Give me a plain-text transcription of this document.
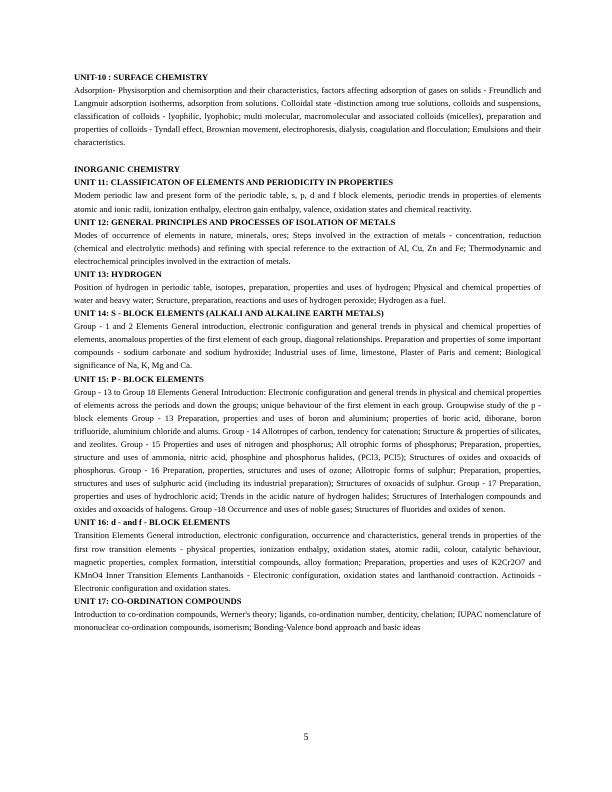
UNIT-10 : SURFACE CHEMISTRY

Adsorption- Physisorption and chemisorption and their characteristics, factors affecting adsorption of gases on solids - Freundlich and Langmuir adsorption isotherms, adsorption from solutions. Colloidal state -distinction among true solutions, colloids and suspensions, classification of colloids - lyophilic, lyophobic; multi molecular, macromolecular and associated colloids (micelles), preparation and properties of colloids - Tyndall effect, Brownian movement, electrophoresis, dialysis, coagulation and flocculation; Emulsions and their characteristics.

INORGANIC CHEMISTRY

UNIT 11: CLASSIFICATON OF ELEMENTS AND PERIODICITY IN PROPERTIES

Modem periodic law and present form of the periodic table, s, p, d and f block elements, periodic trends in properties of elements atomic and ionic radii, ionization enthalpy, electron gain enthalpy, valence, oxidation states and chemical reactivity.

UNIT 12: GENERAL PRINCIPLES AND PROCESSES OF ISOLATION OF METALS

Modes of occurrence of elements in nature, minerals, ores; Steps involved in the extraction of metals - concentration, reduction (chemical and electrolytic methods) and refining with special reference to the extraction of Al, Cu, Zn and Fe; Thermodynamic and electrochemical principles involved in the extraction of metals.

UNIT 13: HYDROGEN

Position of hydrogen in periodic table, isotopes, preparation, properties and uses of hydrogen; Physical and chemical properties of water and heavy water; Structure, preparation, reactions and uses of hydrogen peroxide; Hydrogen as a fuel.

UNIT 14: S - BLOCK ELEMENTS (ALKALI AND ALKALINE EARTH METALS)

Group - 1 and 2 Elements General introduction, electronic configuration and general trends in physical and chemical properties of elements, anomalous properties of the first element of each group, diagonal relationships. Preparation and properties of some important compounds - sodium carbonate and sodium hydroxide; Industrial uses of lime, limestone, Plaster of Paris and cement; Biological significance of Na, K, Mg and Ca.

UNIT 15: P - BLOCK ELEMENTS

Group - 13 to Group 18 Elements General Introduction: Electronic configuration and general trends in physical and chemical properties of elements across the periods and down the groups; unique behaviour of the first element in each group. Groupwise study of the p - block elements Group - 13 Preparation, properties and uses of boron and aluminium; properties of boric acid, diborane, boron trifluoride, aluminium chloride and alums. Group - 14 Allotropes of carbon, tendency for catenation; Structure & properties of silicates, and zeolites. Group - 15 Properties and uses of nitrogen and phosphorus; All otrophic forms of phosphorus; Preparation, properties, structure and uses of ammonia, nitric acid, phosphine and phosphorus halides, (PCl3, PCl5); Structures of oxides and oxoacids of phosphorus. Group - 16 Preparation, properties, structures and uses of ozone; Allotropic forms of sulphur; Preparation, properties, structures and uses of sulphuric acid (including its industrial preparation); Structures of oxoacids of sulphur. Group - 17 Preparation, properties and uses of hydrochloric acid; Trends in the acidic nature of hydrogen halides; Structures of Interhalogen compounds and oxides and oxoacids of halogens. Group -18 Occurrence and uses of noble gases; Structures of fluorides and oxides of xenon.

UNIT 16: d - and f - BLOCK ELEMENTS

Transition Elements General introduction, electronic configuration, occurrence and characteristics, general trends in properties of the first row transition elements - physical properties, ionization enthalpy, oxidation states, atomic radii, colour, catalytic behaviour, magnetic properties, complex formation, interstitial compounds, alloy formation; Preparation, properties and uses of K2Cr2O7 and KMnO4 Inner Transition Elements Lanthanoids - Electronic configuration, oxidation states and lanthanoid contraction. Actinoids -Electronic configuration and oxidation states.

UNIT 17: CO-ORDINATION COMPOUNDS

Introduction to co-ordination compounds, Werner's theory; ligands, co-ordination number, denticity, chelation; IUPAC nomenclature of mononuclear co-ordination compounds, isomerism; Bonding-Valence bond approach and basic ideas

5
